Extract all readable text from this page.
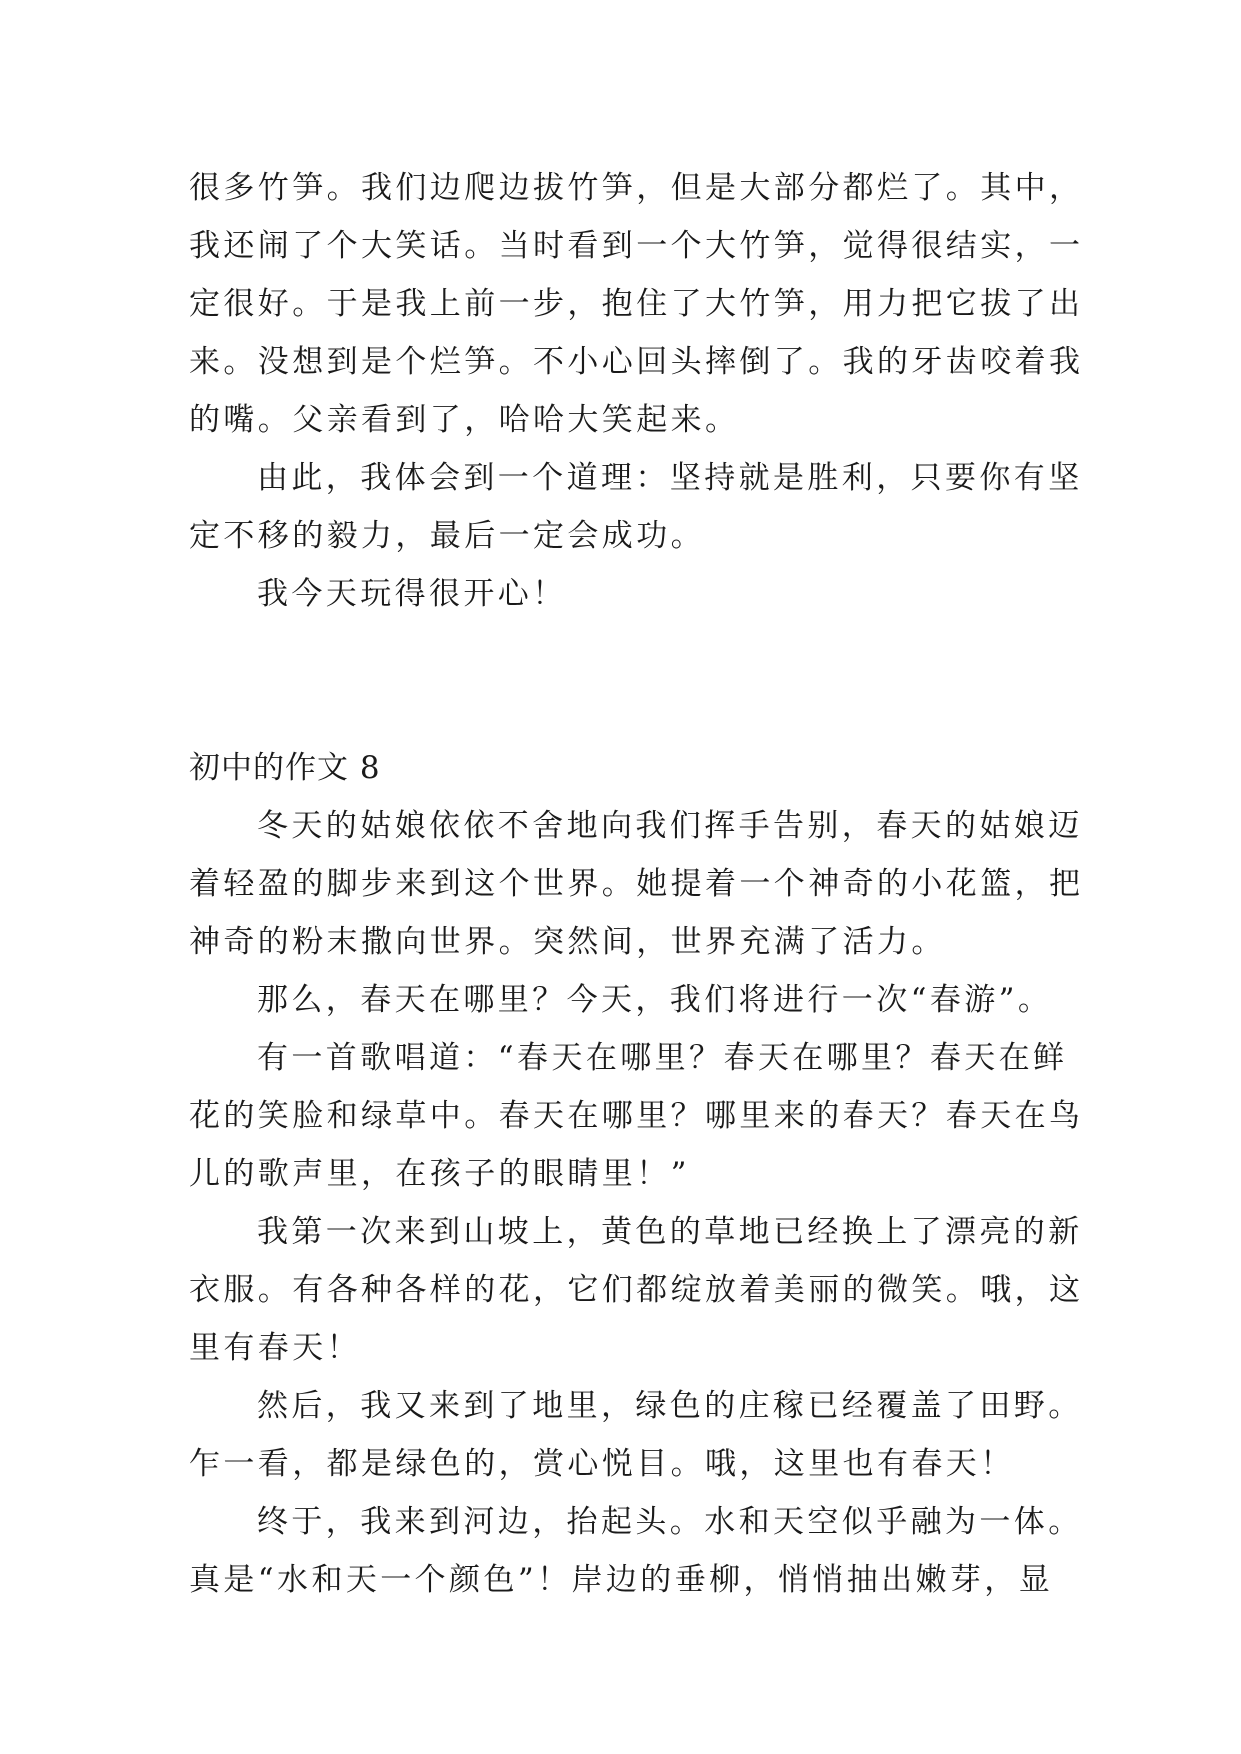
很多竹笋。我们边爬边拔竹笋，但是大部分都烂了。其中，
我还闹了个大笑话。当时看到一个大竹笋，觉得很结实，一
定很好。于是我上前一步，抱住了大竹笋，用力把它拔了出
来。没想到是个烂笋。不小心回头摔倒了。我的牙齿咬着我
的嘴。父亲看到了，哈哈大笑起来。
由此，我体会到一个道理：坚持就是胜利，只要你有坚
定不移的毅力，最后一定会成功。
我今天玩得很开心！
初中的作文 8
冬天的姑娘依依不舍地向我们挥手告别，春天的姑娘迈
着轻盈的脚步来到这个世界。她提着一个神奇的小花篮，把
神奇的粉末撒向世界。突然间，世界充满了活力。
那么，春天在哪里？今天，我们将进行一次“春游”。
有一首歌唱道：“春天在哪里？春天在哪里？春天在鲜
花的笑脸和绿草中。春天在哪里？哪里来的春天？春天在鸟
儿的歌声里，在孩子的眼睛里！”
我第一次来到山坡上，黄色的草地已经换上了漂亮的新
衣服。有各种各样的花，它们都绽放着美丽的微笑。哦，这
里有春天！
然后，我又来到了地里，绿色的庄稼已经覆盖了田野。
乍一看，都是绿色的，赏心悦目。哦，这里也有春天！
终于，我来到河边，抬起头。水和天空似乎融为一体。
真是“水和天一个颜色”！岸边的垂柳，悄悄抽出嫩芽，显
